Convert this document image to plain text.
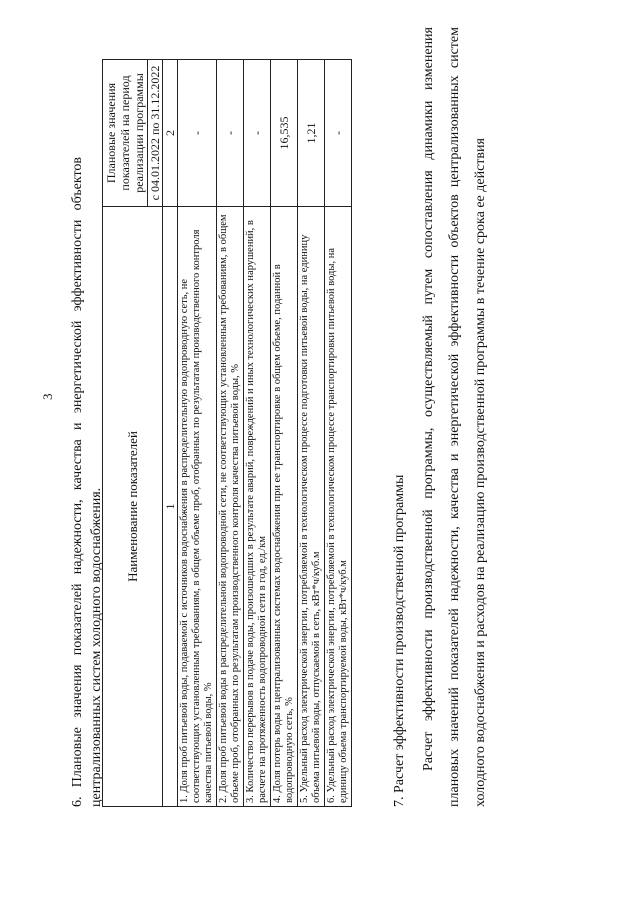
3 6. Плановые значения показателей надежности, качества и энергетической эффективности объектов централизованных систем холодного водоснабжения. Наименование показателей	Плановые значения показателей на период реализации программы
	с 04.01.2022 по 31.12.2022
1	2
1. Доля проб питьевой воды, подаваемой с источников водоснабжения в распределительную водопроводную сеть, не соответствующих установленным требованиям, в общем объеме проб, отобранных по результатам производственного контроля качества питьевой воды, %	-
2. Доля проб питьевой воды в распределительной водопроводной сети, не соответствующих установленным требованиям, в общем объеме проб, отобранных по результатам производственного контроля качества питьевой воды, %	-
3. Количество перерывов в подаче воды, произошедших в результате аварий, повреждений и иных технологических нарушений, в расчете на протяженность водопроводной сети в год, ед./км	-
4. Доля потерь воды в централизованных системах водоснабжения при ее транспортировке в общем объеме, поданной в водопроводную сеть, %	16,535
5. Удельный расход электрической энергии, потребляемой в технологическом процессе подготовки питьевой воды, на единицу объема питьевой воды, отпускаемой в сеть, кВт*ч/куб.м	1,21
6. Удельный расход электрической энергии, потребляемой в технологическом процессе транспортировки питьевой воды, на единицу объема транспортируемой воды, кВт*ч/куб.м	-
7. Расчет эффективности производственной программы	Расчет эффективности производственной программы, осуществляемый путем сопоставления динамики изменения плановых значений показателей надежности, качества и энергетической эффективности объектов централизованных систем холодного водоснабжения и расходов на реализацию производственной программы в течение срока ее действия
